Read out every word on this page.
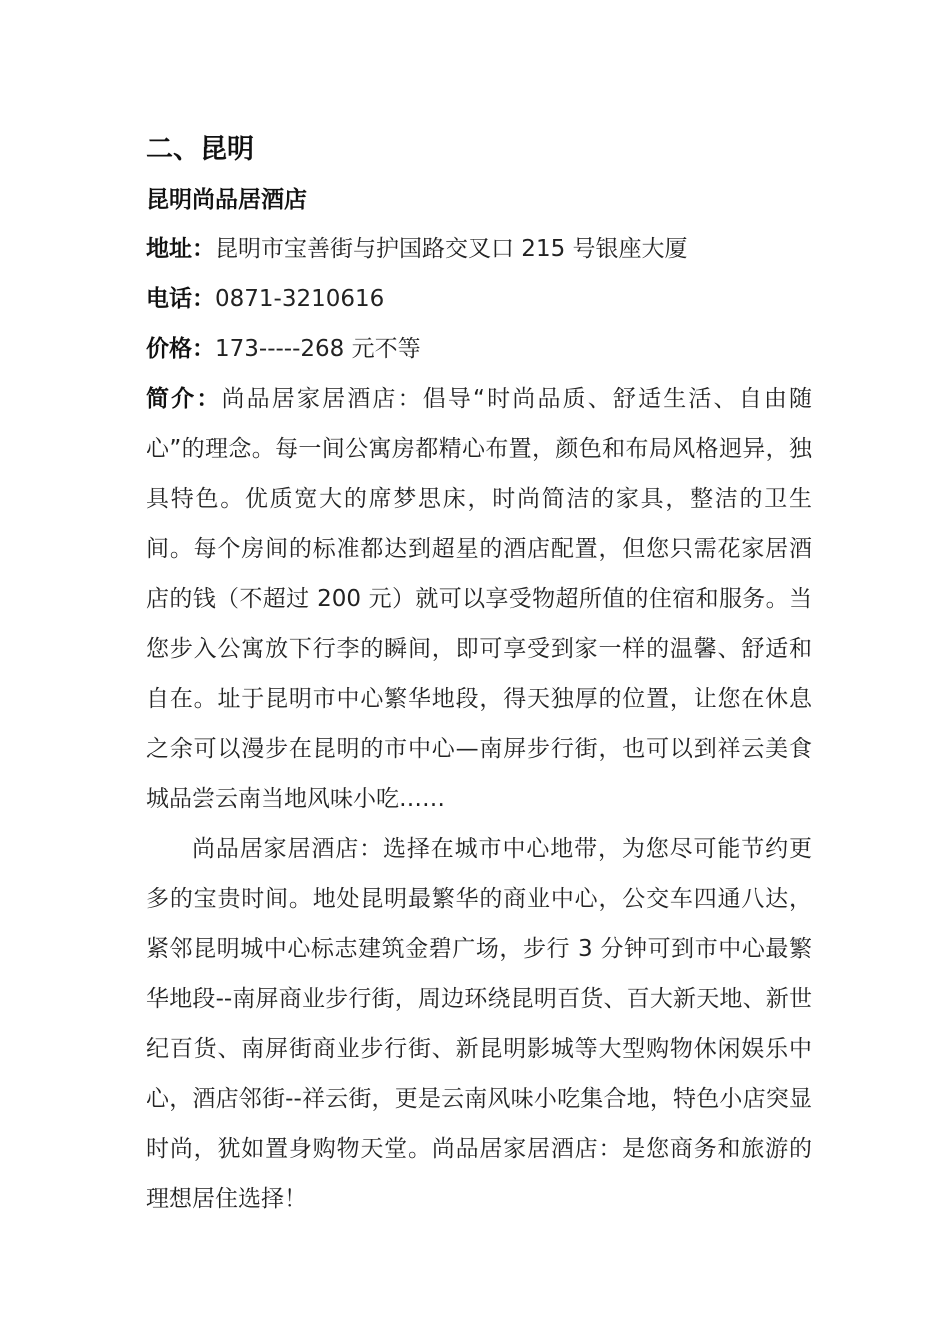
二、昆明
昆明尚品居酒店

地址：昆明市宝善街与护国路交叉口 215 号银座大厦

电话：0871-3210616

价格：173-----268 元不等

简介：尚品居家居酒店：倡导“时尚品质、舒适生活、自由随心”的理念。每一间公寓房都精心布置，颜色和布局风格迥异，独具特色。优质宽大的席梦思床，时尚简洁的家具，整洁的卫生间。每个房间的标准都达到超星的酒店配置，但您只需花家居酒店的钱（不超过 200 元）就可以享受物超所值的住宿和服务。当您步入公寓放下行李的瞬间，即可享受到家一样的温馨、舒适和自在。址于昆明市中心繁华地段，得天独厚的位置，让您在休息之余可以漫步在昆明的市中心—南屏步行街，也可以到祥云美食城品尝云南当地风味小吃……

尚品居家居酒店：选择在城市中心地带，为您尽可能节约更多的宝贵时间。地处昆明最繁华的商业中心，公交车四通八达，紧邻昆明城中心标志建筑金碧广场，步行 3 分钟可到市中心最繁华地段--南屏商业步行街，周边环绕昆明百货、百大新天地、新世纪百货、南屏街商业步行街、新昆明影城等大型购物休闲娱乐中心，酒店邻街--祥云街，更是云南风味小吃集合地，特色小店突显时尚，犹如置身购物天堂。尚品居家居酒店：是您商务和旅游的理想居住选择！
